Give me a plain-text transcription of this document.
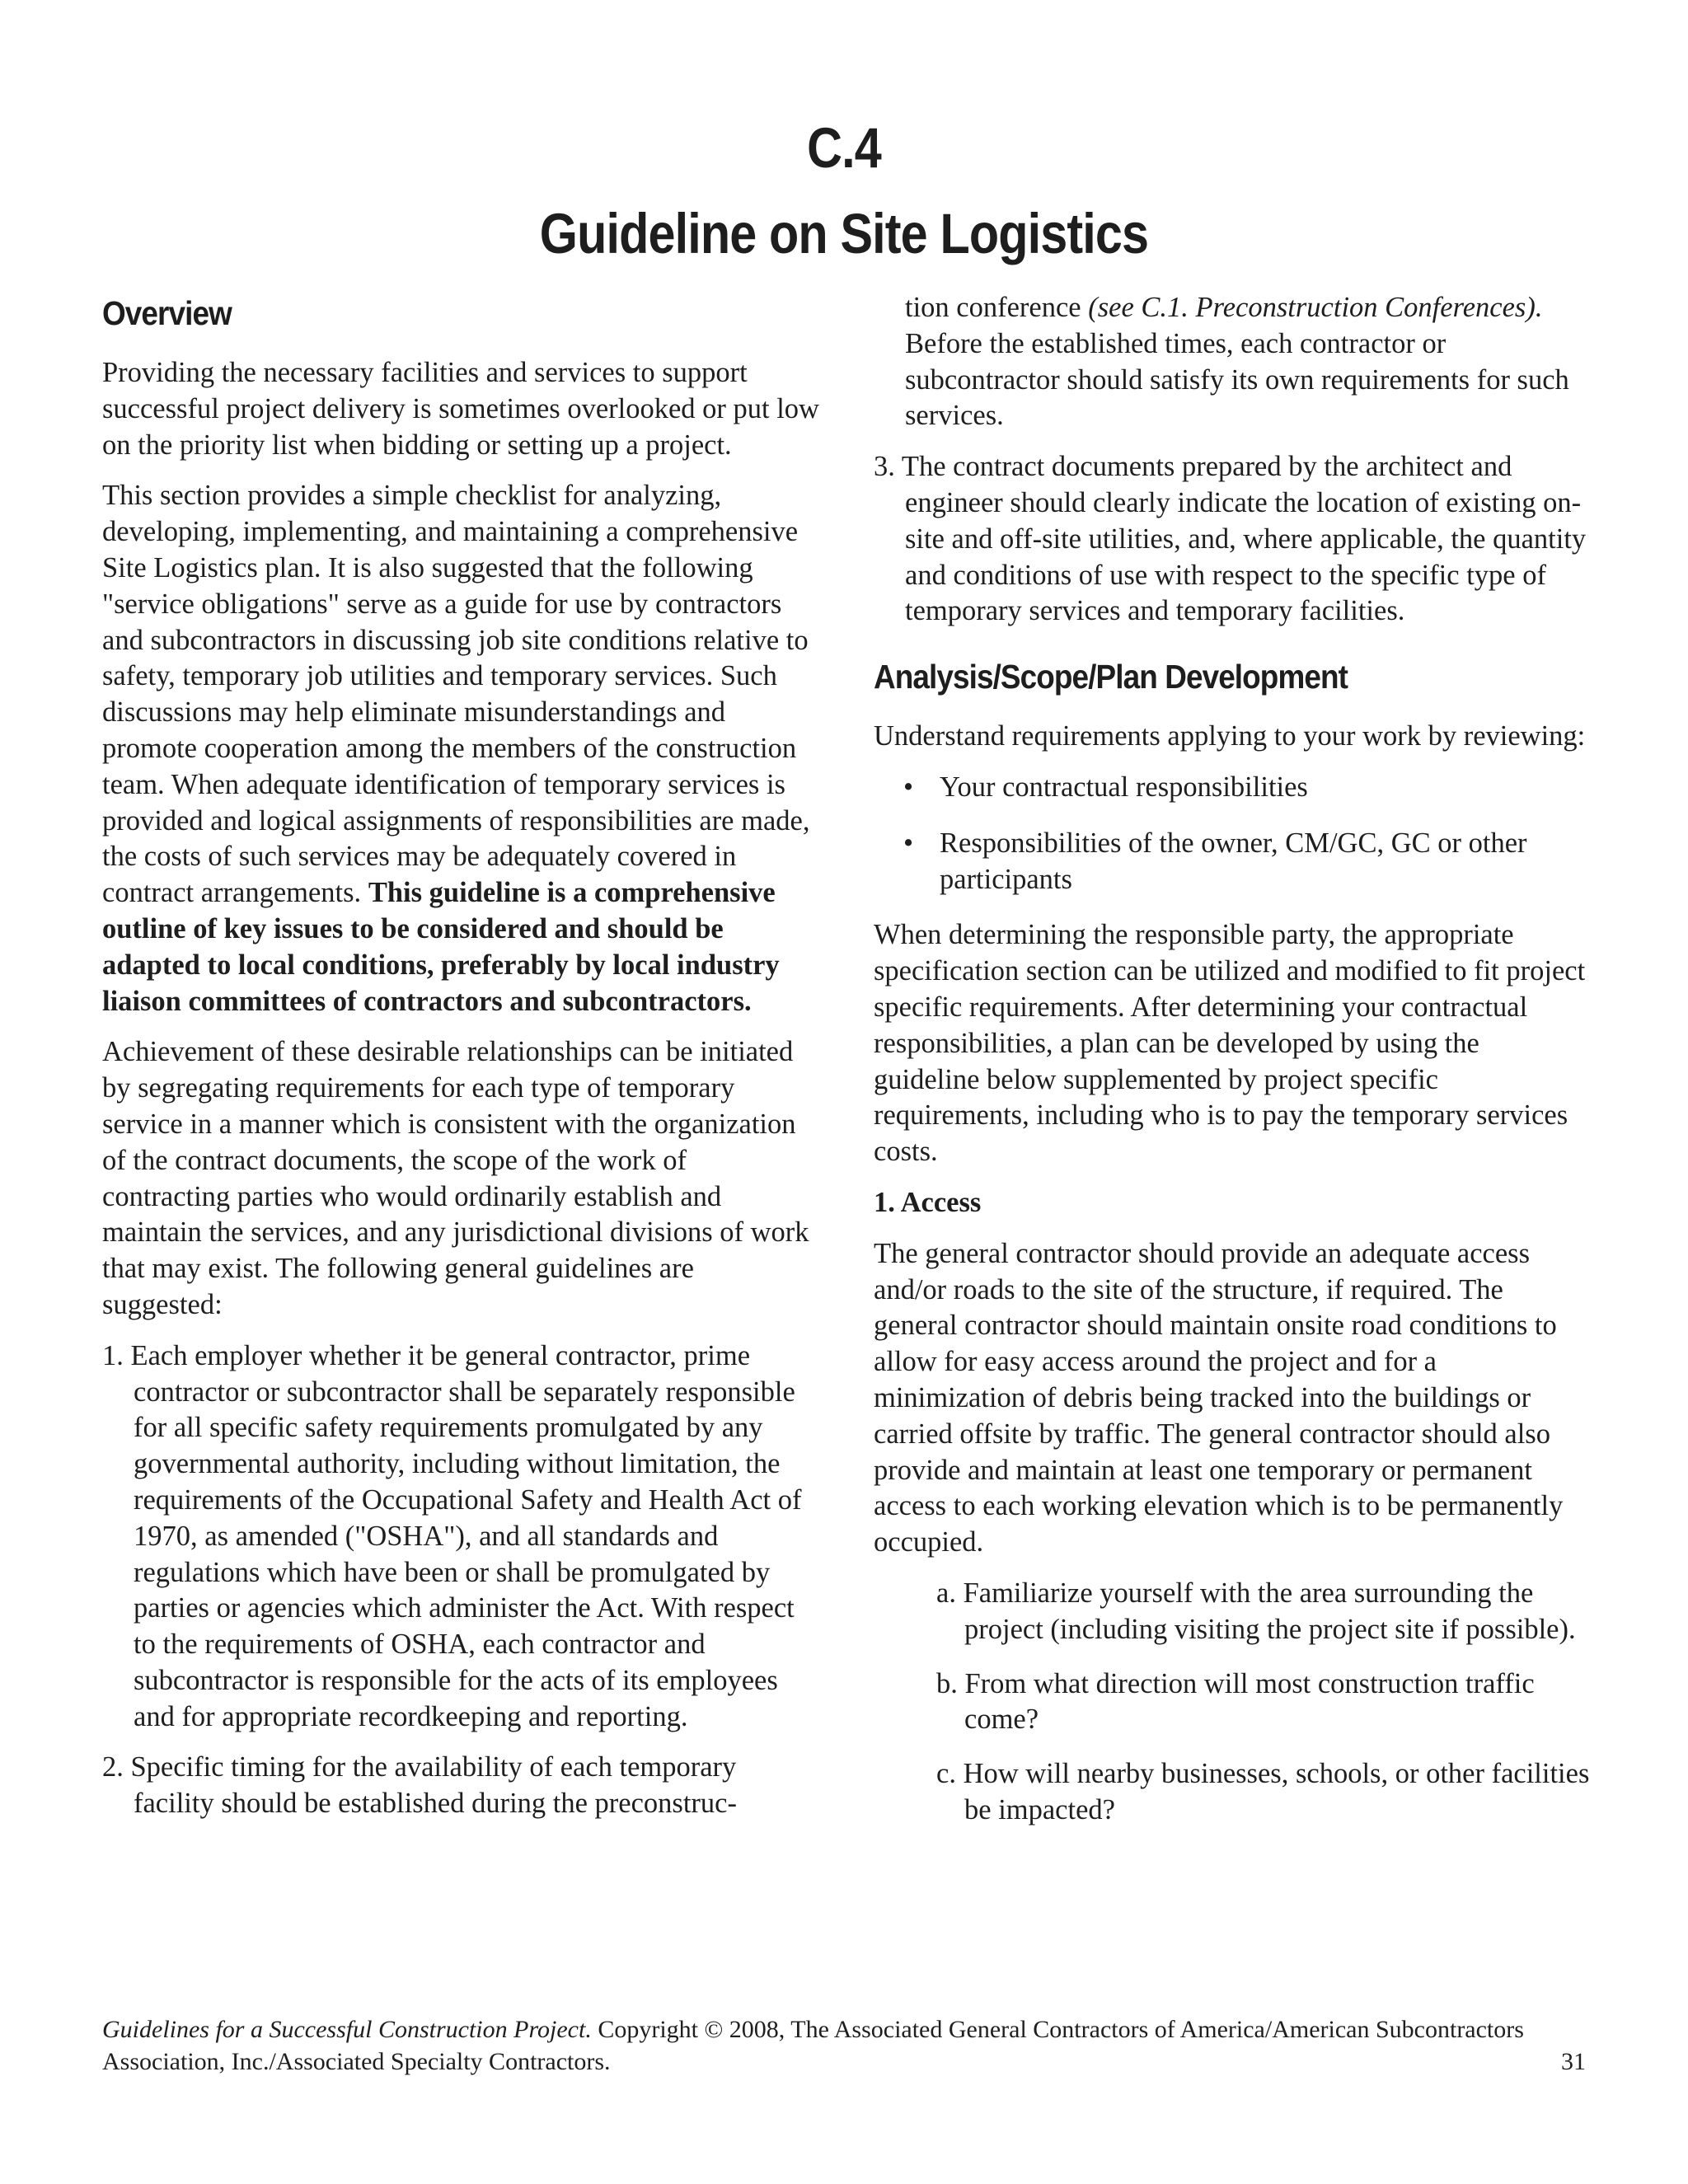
C.4
Guideline on Site Logistics
Overview

Providing the necessary facilities and services to support successful project delivery is sometimes overlooked or put low on the priority list when bidding or setting up a project.

This section provides a simple checklist for analyzing, developing, implementing, and maintaining a comprehensive Site Logistics plan. It is also suggested that the following "service obligations" serve as a guide for use by contractors and subcontractors in discussing job site conditions relative to safety, temporary job utilities and temporary services. Such discussions may help eliminate misunderstandings and promote cooperation among the members of the construction team. When adequate identification of temporary services is provided and logical assignments of responsibilities are made, the costs of such services may be adequately covered in contract arrangements. This guideline is a comprehensive outline of key issues to be considered and should be adapted to local conditions, preferably by local industry liaison committees of contractors and subcontractors.

Achievement of these desirable relationships can be initiated by segregating requirements for each type of temporary service in a manner which is consistent with the organization of the contract documents, the scope of the work of contracting parties who would ordinarily establish and maintain the services, and any jurisdictional divisions of work that may exist. The following general guidelines are suggested:

1. Each employer whether it be general contractor, prime contractor or subcontractor shall be separately responsible for all specific safety requirements promulgated by any governmental authority, including without limitation, the requirements of the Occupational Safety and Health Act of 1970, as amended ("OSHA"), and all standards and regulations which have been or shall be promulgated by parties or agencies which administer the Act. With respect to the requirements of OSHA, each contractor and subcontractor is responsible for the acts of its employees and for appropriate recordkeeping and reporting.

2. Specific timing for the availability of each temporary facility should be established during the preconstruc-

tion conference (see C.1. Preconstruction Conferences). Before the established times, each contractor or subcontractor should satisfy its own requirements for such services.

3. The contract documents prepared by the architect and engineer should clearly indicate the location of existing on-site and off-site utilities, and, where applicable, the quantity and conditions of use with respect to the specific type of temporary services and temporary facilities.

Analysis/Scope/Plan Development

Understand requirements applying to your work by reviewing:

• Your contractual responsibilities
• Responsibilities of the owner, CM/GC, GC or other participants

When determining the responsible party, the appropriate specification section can be utilized and modified to fit project specific requirements. After determining your contractual responsibilities, a plan can be developed by using the guideline below supplemented by project specific requirements, including who is to pay the temporary services costs.

1. Access

The general contractor should provide an adequate access and/or roads to the site of the structure, if required. The general contractor should maintain onsite road conditions to allow for easy access around the project and for a minimization of debris being tracked into the buildings or carried offsite by traffic. The general contractor should also provide and maintain at least one temporary or permanent access to each working elevation which is to be permanently occupied.

a. Familiarize yourself with the area surrounding the project (including visiting the project site if possible).

b. From what direction will most construction traffic come?

c. How will nearby businesses, schools, or other facilities be impacted?

Guidelines for a Successful Construction Project. Copyright © 2008, The Associated General Contractors of America/American Subcontractors Association, Inc./Associated Specialty Contractors.	31
